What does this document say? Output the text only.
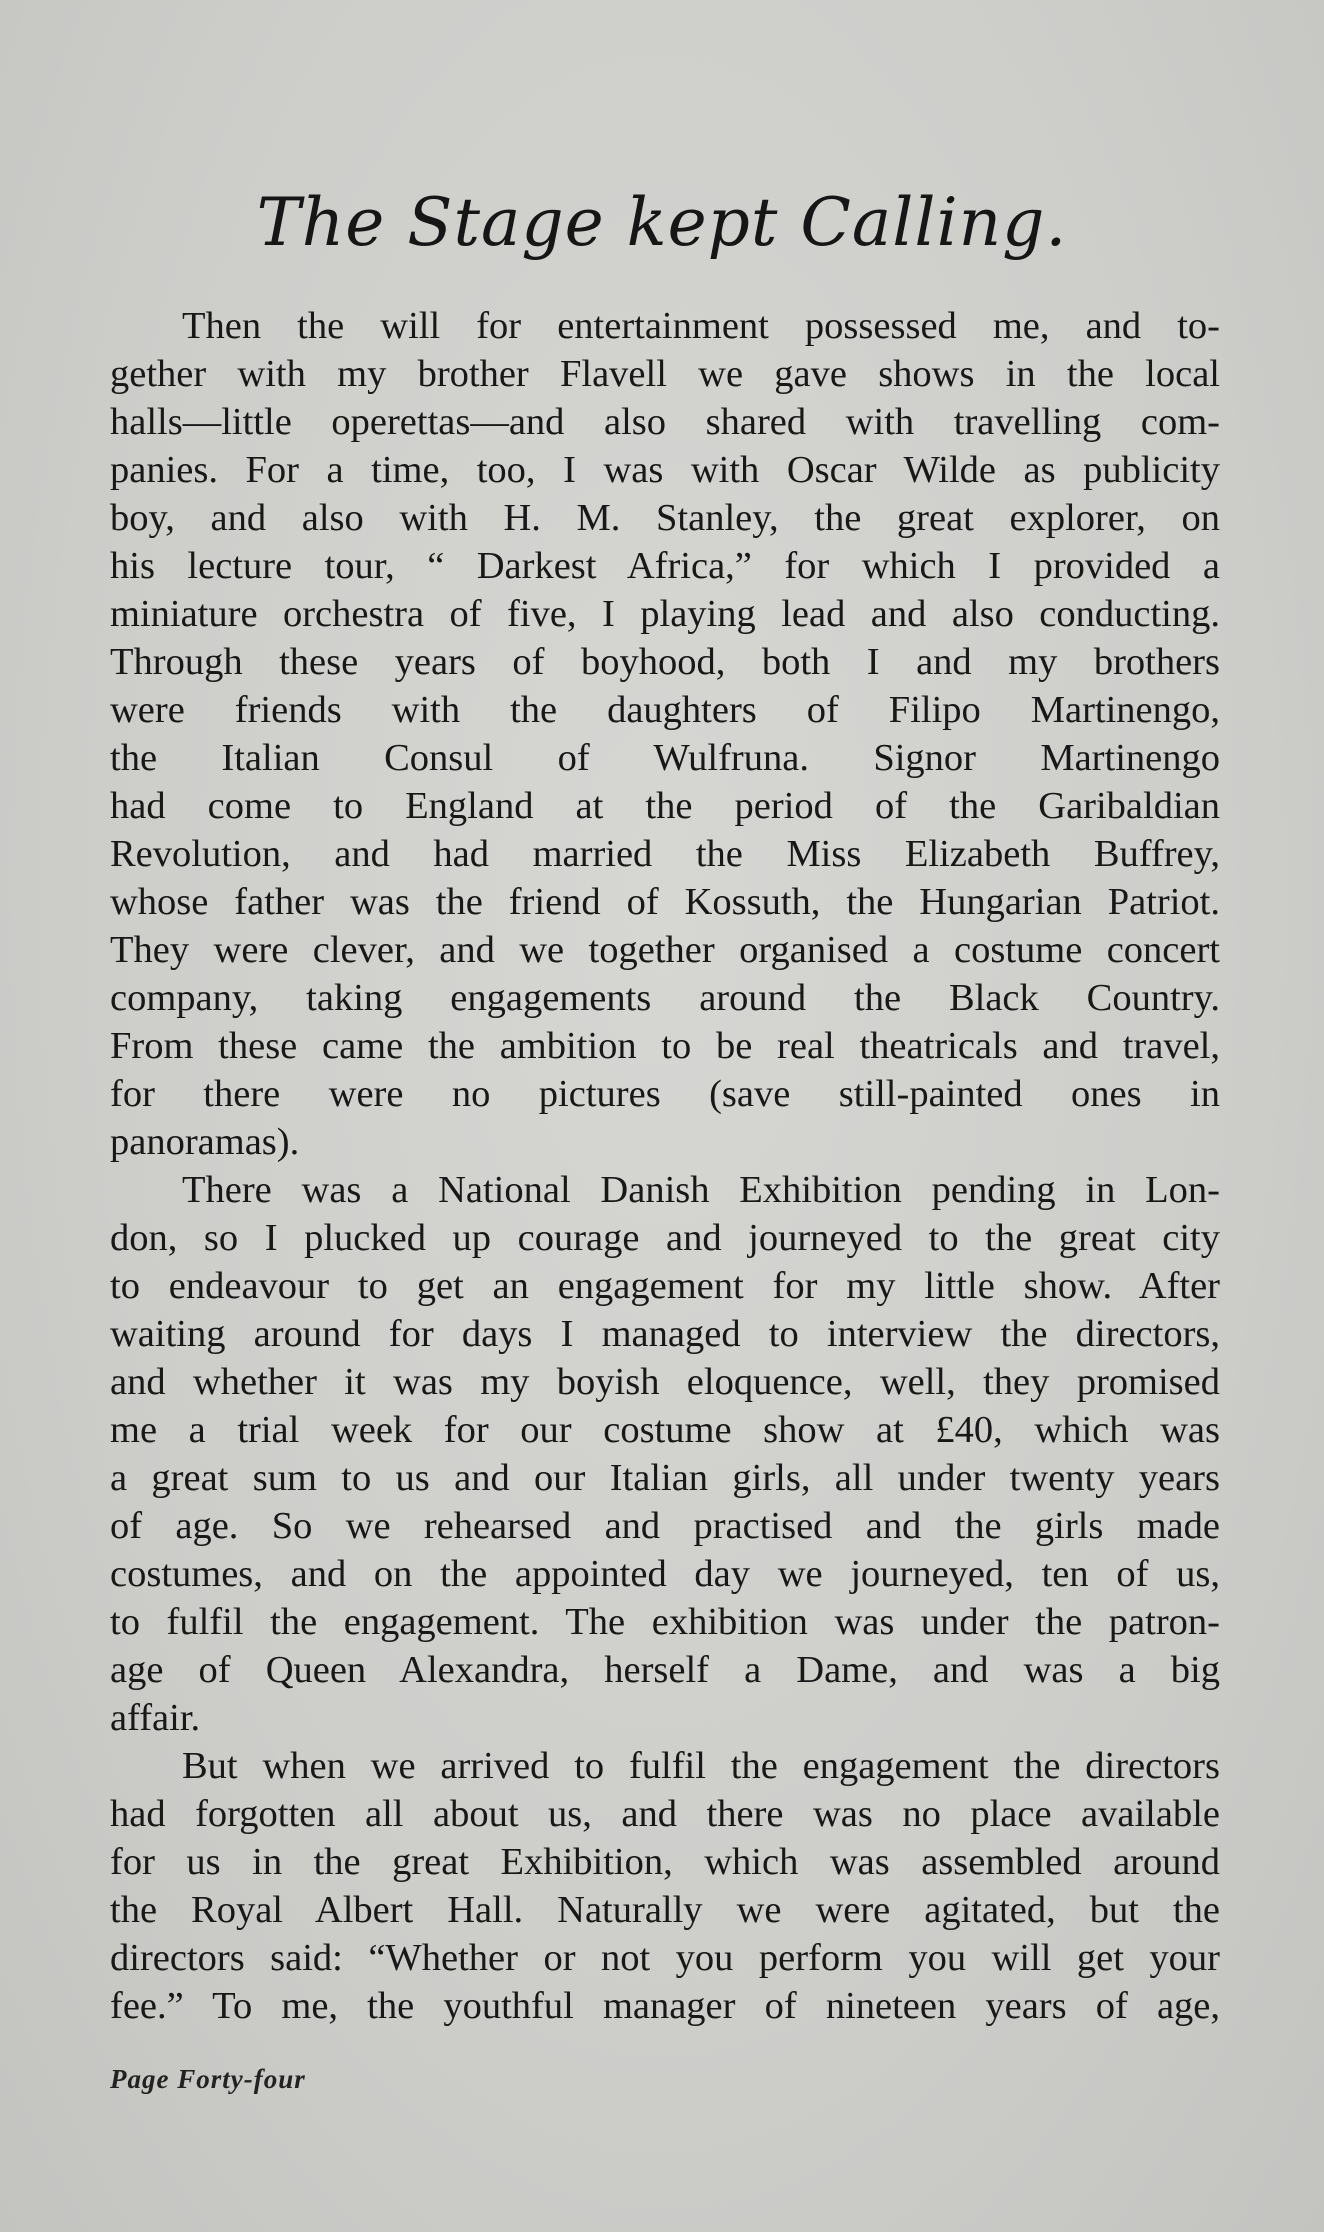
The Stage kept Calling.
Then the will for entertainment possessed me, and to-
gether with my brother Flavell we gave shows in the local
halls—little operettas—and also shared with travelling com-
panies. For a time, too, I was with Oscar Wilde as publicity
boy, and also with H. M. Stanley, the great explorer, on
his lecture tour, “ Darkest Africa,” for which I provided a
miniature orchestra of five, I playing lead and also conducting.
Through these years of boyhood, both I and my brothers
were friends with the daughters of Filipo Martinengo,
the Italian Consul of Wulfruna. Signor Martinengo
had come to England at the period of the Garibaldian
Revolution, and had married the Miss Elizabeth Buffrey,
whose father was the friend of Kossuth, the Hungarian Patriot.
They were clever, and we together organised a costume concert
company, taking engagements around the Black Country.
From these came the ambition to be real theatricals and travel,
for there were no pictures (save still-painted ones in
panoramas).
There was a National Danish Exhibition pending in Lon-
don, so I plucked up courage and journeyed to the great city
to endeavour to get an engagement for my little show. After
waiting around for days I managed to interview the directors,
and whether it was my boyish eloquence, well, they promised
me a trial week for our costume show at £40, which was
a great sum to us and our Italian girls, all under twenty years
of age. So we rehearsed and practised and the girls made
costumes, and on the appointed day we journeyed, ten of us,
to fulfil the engagement. The exhibition was under the patron-
age of Queen Alexandra, herself a Dame, and was a big
affair.
But when we arrived to fulfil the engagement the directors
had forgotten all about us, and there was no place available
for us in the great Exhibition, which was assembled around
the Royal Albert Hall. Naturally we were agitated, but the
directors said: “Whether or not you perform you will get your
fee.” To me, the youthful manager of nineteen years of age,
Page Forty-four
